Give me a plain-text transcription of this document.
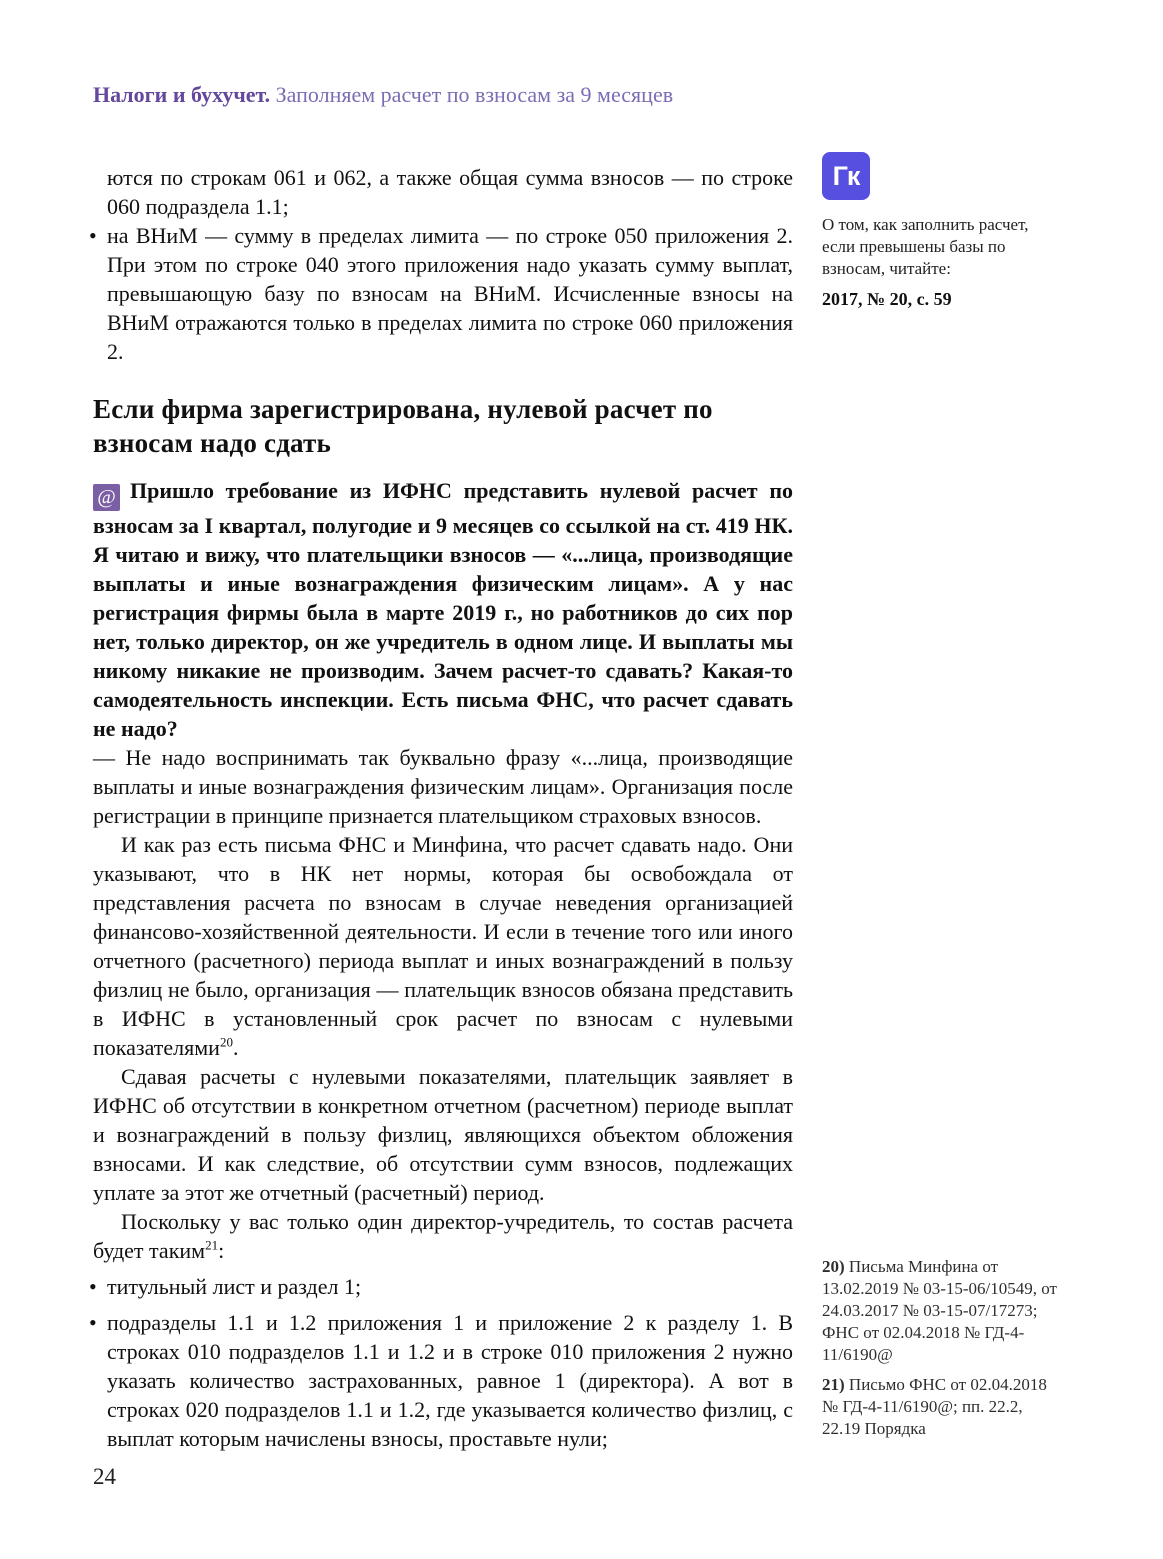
Налоги и бухучет. Заполняем расчет по взносам за 9 месяцев

ются по строкам 061 и 062, а также общая сумма взносов — по строке 060 подраздела 1.1;

• на ВНиМ — сумму в пределах лимита — по строке 050 приложения 2. При этом по строке 040 этого приложения надо указать сумму выплат, превышающую базу по взносам на ВНиМ. Исчисленные взносы на ВНиМ отражаются только в пределах лимита по строке 060 приложения 2.

Если фирма зарегистрирована, нулевой расчет по взносам надо сдать

@ Пришло требование из ИФНС представить нулевой расчет по взносам за I квартал, полугодие и 9 месяцев со ссылкой на ст. 419 НК. Я читаю и вижу, что плательщики взносов — «...лица, производящие выплаты и иные вознаграждения физическим лицам». А у нас регистрация фирмы была в марте 2019 г., но работников до сих пор нет, только директор, он же учредитель в одном лице. И выплаты мы никому никакие не производим. Зачем расчет-то сдавать? Какая-то самодеятельность инспекции. Есть письма ФНС, что расчет сдавать не надо?

— Не надо воспринимать так буквально фразу «...лица, производящие выплаты и иные вознаграждения физическим лицам». Организация после регистрации в принципе признается плательщиком страховых взносов.

И как раз есть письма ФНС и Минфина, что расчет сдавать надо. Они указывают, что в НК нет нормы, которая бы освобождала от представления расчета по взносам в случае неведения организацией финансово-хозяйственной деятельности. И если в течение того или иного отчетного (расчетного) периода выплат и иных вознаграждений в пользу физлиц не было, организация — плательщик взносов обязана представить в ИФНС в установленный срок расчет по взносам с нулевыми показателями$^{20}$.

Сдавая расчеты с нулевыми показателями, плательщик заявляет в ИФНС об отсутствии в конкретном отчетном (расчетном) периоде выплат и вознаграждений в пользу физлиц, являющихся объектом обложения взносами. И как следствие, об отсутствии сумм взносов, подлежащих уплате за этот же отчетный (расчетный) период.

Поскольку у вас только один директор-учредитель, то состав расчета будет таким$^{21}$:

• титульный лист и раздел 1;

• подразделы 1.1 и 1.2 приложения 1 и приложение 2 к разделу 1. В строках 010 подразделов 1.1 и 1.2 и в строке 010 приложения 2 нужно указать количество застрахованных, равное 1 (директора). А вот в строках 020 подразделов 1.1 и 1.2, где указывается количество физлиц, с выплат которым начислены взносы, проставьте нули;

Гк
О том, как заполнить расчет, если превышены базы по взносам, читайте:
2017, № 20, с. 59
20) Письма Минфина от 13.02.2019 № 03-15-06/10549, от 24.03.2017 № 03-15-07/17273; ФНС от 02.04.2018 № ГД-4-11/6190@
21) Письмо ФНС от 02.04.2018 № ГД-4-11/6190@; пп. 22.2, 22.19 Порядка
24
